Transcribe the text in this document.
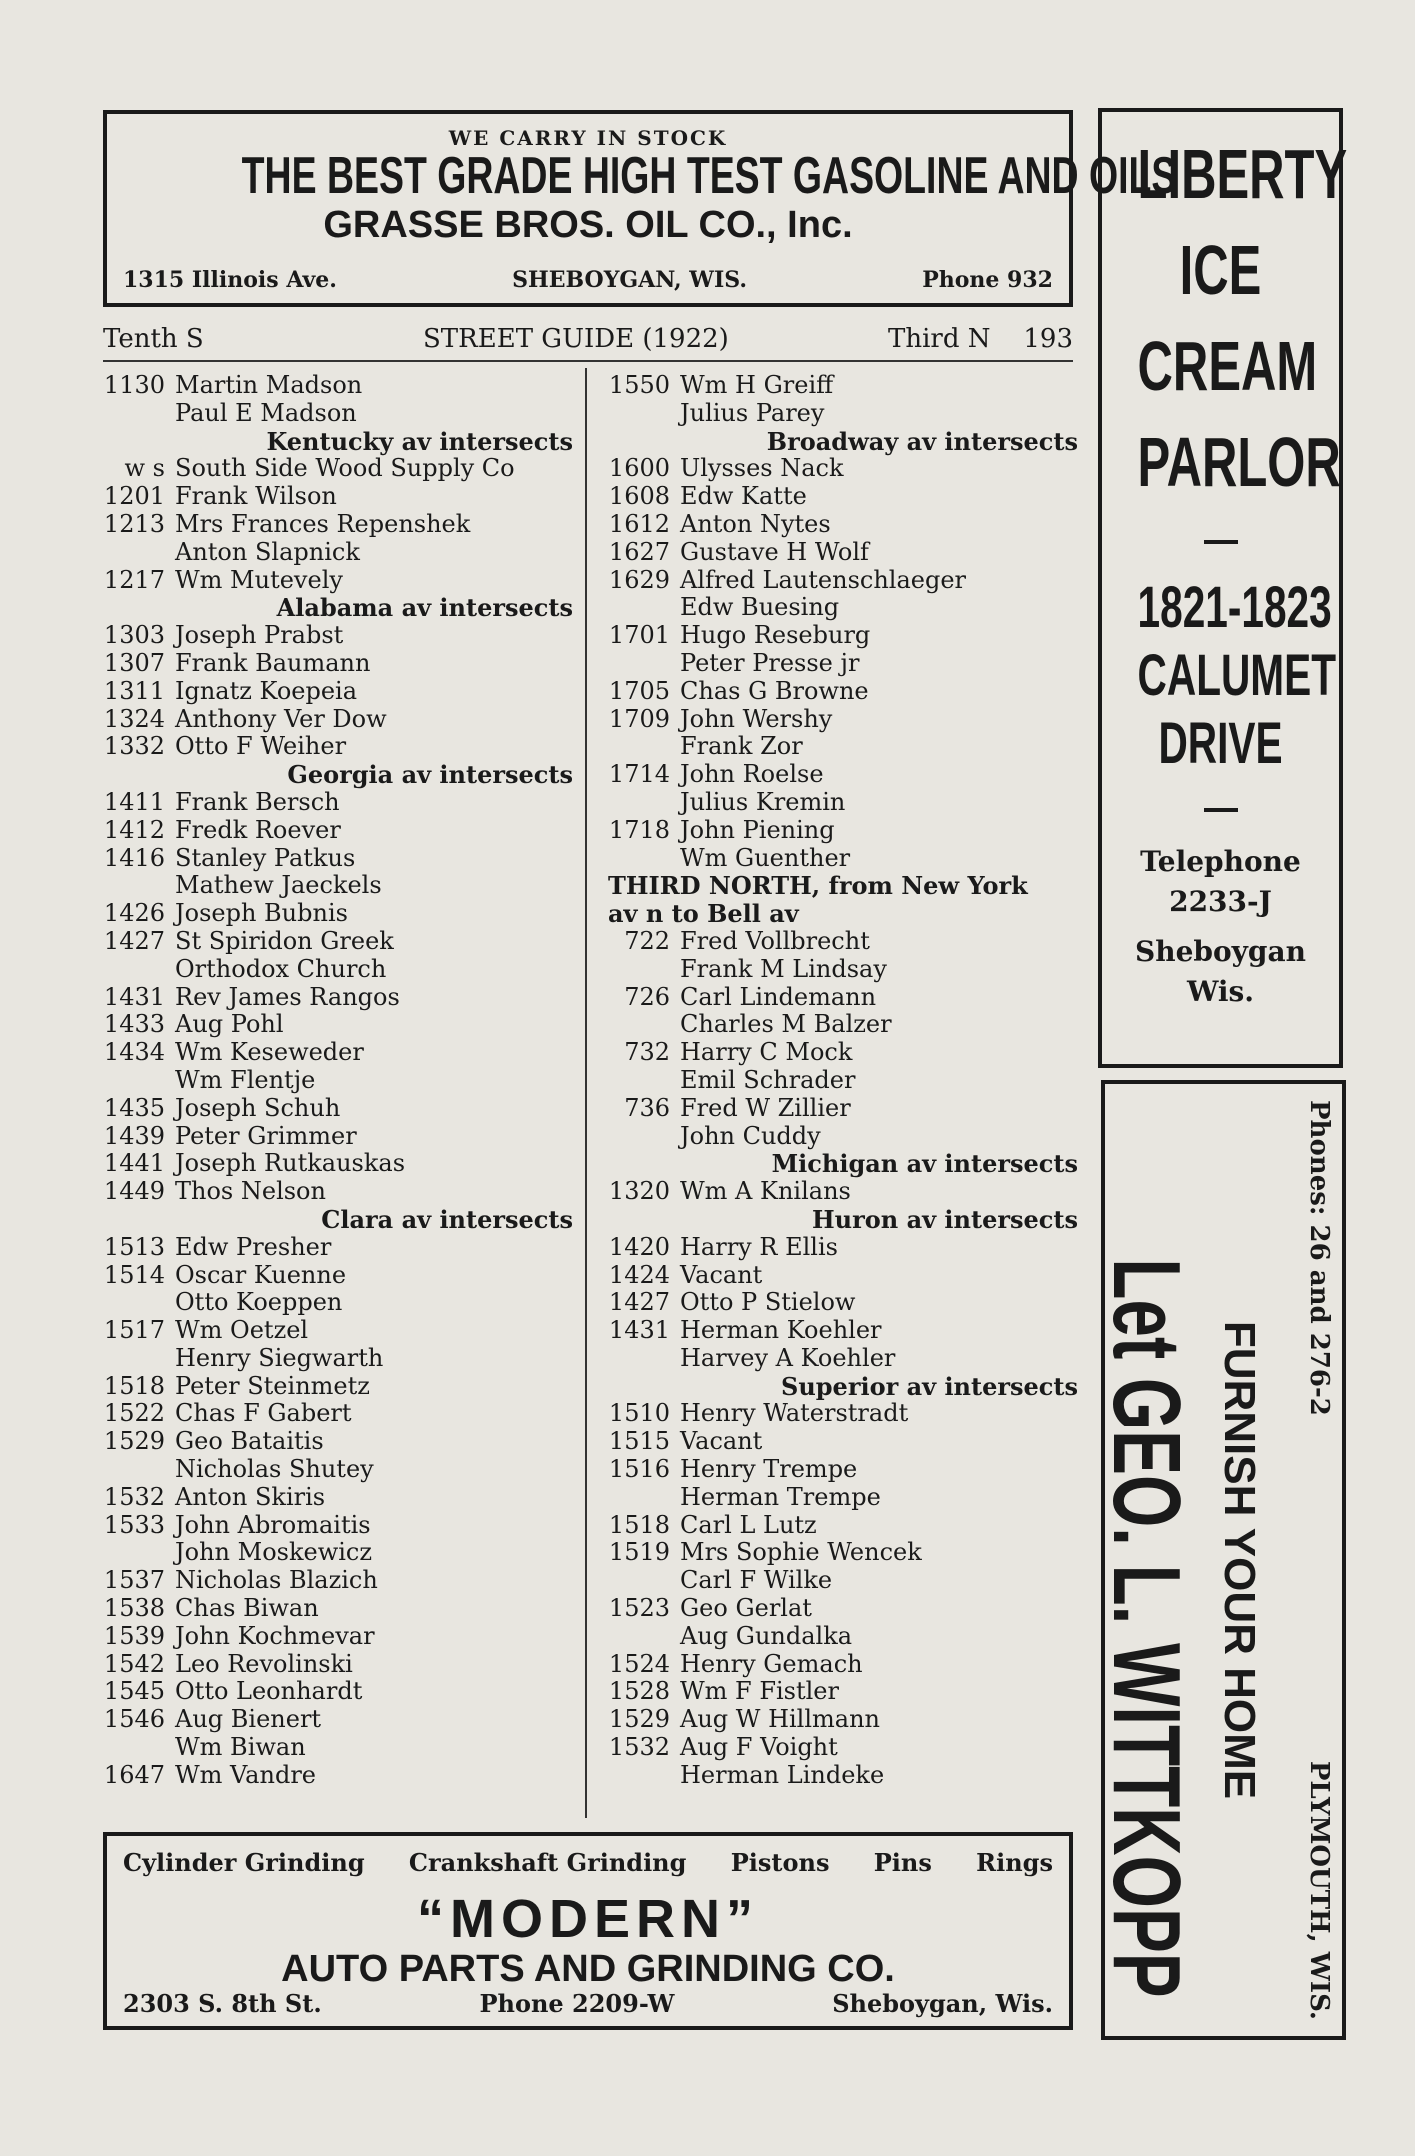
WE CARRY IN STOCK
THE BEST GRADE HIGH TEST GASOLINE AND OILS
GRASSE BROS. OIL CO., Inc.
1315 Illinois Ave.	SHEBOYGAN, WIS.	Phone 932
Tenth S	STREET GUIDE (1922)	Third N 193
1130 Martin Madson
Paul E Madson
Kentucky av intersects
w s South Side Wood Supply Co
1201 Frank Wilson
1213 Mrs Frances Repenshek
Anton Slapnick
1217 Wm Mutevely
Alabama av intersects
1303 Joseph Prabst
1307 Frank Baumann
1311 Ignatz Koepeia
1324 Anthony Ver Dow
1332 Otto F Weiher
Georgia av intersects
1411 Frank Bersch
1412 Fredk Roever
1416 Stanley Patkus
Mathew Jaeckels
1426 Joseph Bubnis
1427 St Spiridon Greek
Orthodox Church
1431 Rev James Rangos
1433 Aug Pohl
1434 Wm Keseweder
Wm Flentje
1435 Joseph Schuh
1439 Peter Grimmer
1441 Joseph Rutkauskas
1449 Thos Nelson
Clara av intersects
1513 Edw Presher
1514 Oscar Kuenne
Otto Koeppen
1517 Wm Oetzel
Henry Siegwarth
1518 Peter Steinmetz
1522 Chas F Gabert
1529 Geo Bataitis
Nicholas Shutey
1532 Anton Skiris
1533 John Abromaitis
John Moskewicz
1537 Nicholas Blazich
1538 Chas Biwan
1539 John Kochmevar
1542 Leo Revolinski
1545 Otto Leonhardt
1546 Aug Bienert
Wm Biwan
1647 Wm Vandre
1550 Wm H Greiff
Julius Parey
Broadway av intersects
1600 Ulysses Nack
1608 Edw Katte
1612 Anton Nytes
1627 Gustave H Wolf
1629 Alfred Lautenschlaeger
Edw Buesing
1701 Hugo Reseburg
Peter Presse jr
1705 Chas G Browne
1709 John Wershy
Frank Zor
1714 John Roelse
Julius Kremin
1718 John Piening
Wm Guenther
THIRD NORTH, from New York
av n to Bell av
722 Fred Vollbrecht
Frank M Lindsay
726 Carl Lindemann
Charles M Balzer
732 Harry C Mock
Emil Schrader
736 Fred W Zillier
John Cuddy
Michigan av intersects
1320 Wm A Knilans
Huron av intersects
1420 Harry R Ellis
1424 Vacant
1427 Otto P Stielow
1431 Herman Koehler
Harvey A Koehler
Superior av intersects
1510 Henry Waterstradt
1515 Vacant
1516 Henry Trempe
Herman Trempe
1518 Carl L Lutz
1519 Mrs Sophie Wencek
Carl F Wilke
1523 Geo Gerlat
Aug Gundalka
1524 Henry Gemach
1528 Wm F Fistler
1529 Aug W Hillmann
1532 Aug F Voight
Herman Lindeke
LIBERTY
ICE
CREAM
PARLOR
1821-1823
CALUMET
DRIVE
Telephone
2233-J
Sheboygan
Wis.
Phones: 26 and 276-2
PLYMOUTH, WIS.
FURNISH YOUR HOME
Let GEO. L. WITTKOPP
Cylinder Grinding Crankshaft Grinding Pistons Pins Rings
“MODERN”
AUTO PARTS AND GRINDING CO.
2303 S. 8th St.	Phone 2209-W	Sheboygan, Wis.
